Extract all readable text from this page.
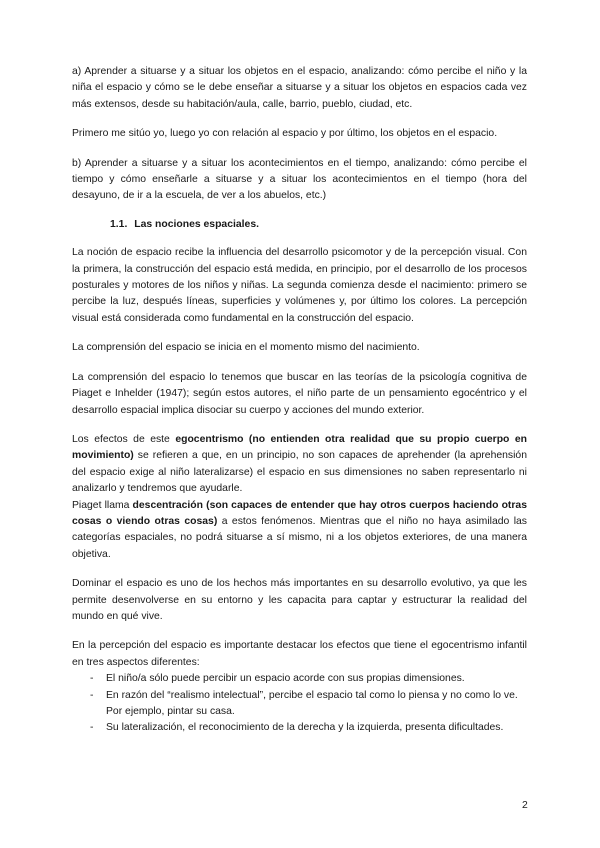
a) Aprender a situarse y a situar los objetos en el espacio, analizando: cómo percibe el niño y la niña el espacio y cómo se le debe enseñar a situarse y a situar los objetos en espacios cada vez más extensos, desde su habitación/aula, calle, barrio, pueblo, ciudad, etc.

Primero me sitúo yo, luego yo con relación al espacio y por último, los objetos en el espacio.

b) Aprender a situarse y a situar los acontecimientos en el tiempo, analizando: cómo percibe el tiempo y cómo enseñarle a situarse y a situar los acontecimientos en el tiempo (hora del desayuno, de ir a la escuela, de ver a los abuelos, etc.)

1.1. Las nociones espaciales.

La noción de espacio recibe la influencia del desarrollo psicomotor y de la percepción visual. Con la primera, la construcción del espacio está medida, en principio, por el desarrollo de los procesos posturales y motores de los niños y niñas. La segunda comienza desde el nacimiento: primero se percibe la luz, después líneas, superficies y volúmenes y, por último los colores. La percepción visual está considerada como fundamental en la construcción del espacio.

La comprensión del espacio se inicia en el momento mismo del nacimiento.

La comprensión del espacio lo tenemos que buscar en las teorías de la psicología cognitiva de Piaget e Inhelder (1947); según estos autores, el niño parte de un pensamiento egocéntrico y el desarrollo espacial implica disociar su cuerpo y acciones del mundo exterior.

Los efectos de este egocentrismo (no entienden otra realidad que su propio cuerpo en movimiento) se refieren a que, en un principio, no son capaces de aprehender (la aprehensión del espacio exige al niño lateralizarse) el espacio en sus dimensiones no saben representarlo ni analizarlo y tendremos que ayudarle.

Piaget llama descentración (son capaces de entender que hay otros cuerpos haciendo otras cosas o viendo otras cosas) a estos fenómenos. Mientras que el niño no haya asimilado las categorías espaciales, no podrá situarse a sí mismo, ni a los objetos exteriores, de una manera objetiva.

Dominar el espacio es uno de los hechos más importantes en su desarrollo evolutivo, ya que les permite desenvolverse en su entorno y les capacita para captar y estructurar la realidad del mundo en qué vive.

En la percepción del espacio es importante destacar los efectos que tiene el egocentrismo infantil en tres aspectos diferentes:

- El niño/a sólo puede percibir un espacio acorde con sus propias dimensiones.
- En razón del “realismo intelectual”, percibe el espacio tal como lo piensa y no como lo ve.
Por ejemplo, pintar su casa.
- Su lateralización, el reconocimiento de la derecha y la izquierda, presenta dificultades.
2
